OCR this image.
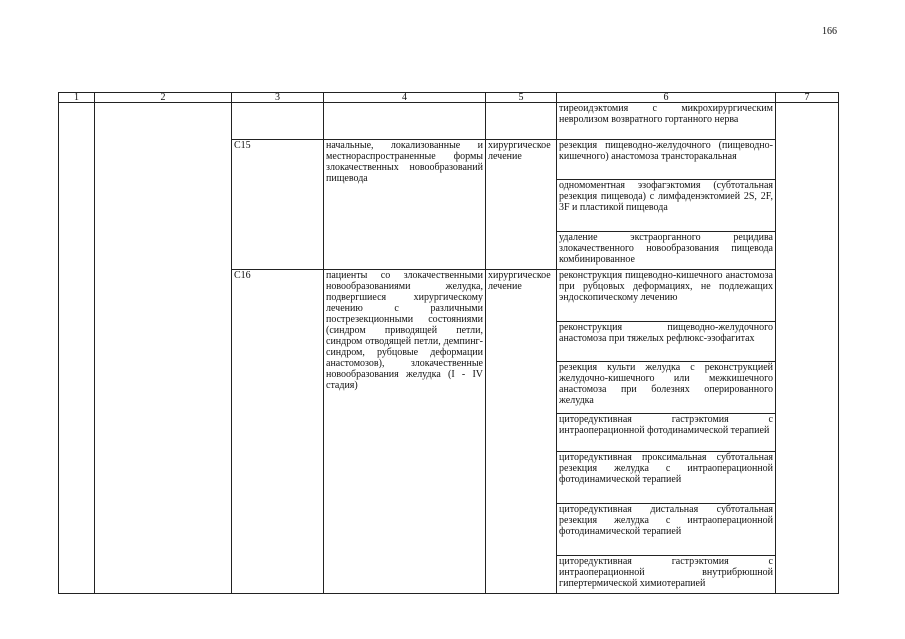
166
1	2	3	4	5	6	7
					тиреоидэктомия с микрохирургическим невролизом возвратного гортанного нерва	
		C15	начальные, локализованные и местнораспространенные формы злокачественных новообразований пищевода	хирургическое лечение	резекция пищеводно-желудочного (пищеводно-кишечного) анастомоза трансторакальная	
					одномоментная эзофагэктомия (субтотальная резекция пищевода) с лимфаденэктомией 2S, 2F, 3F и пластикой пищевода	
					удаление экстраорганного рецидива злокачественного новообразования пищевода комбинированное	
		C16	пациенты со злокачественными новообразованиями желудка, подвергшиеся хирургическому лечению с различными пострезекционными состояниями (синдром приводящей петли, синдром отводящей петли, демпинг-синдром, рубцовые деформации анастомозов), злокачественные новообразования желудка (I - IV стадия)	хирургическое лечение	реконструкция пищеводно-кишечного анастомоза при рубцовых деформациях, не подлежащих эндоскопическому лечению	
					реконструкция пищеводно-желудочного анастомоза при тяжелых рефлюкс-эзофагитах	
					резекция культи желудка с реконструкцией желудочно-кишечного или межкишечного анастомоза при болезнях оперированного желудка	
					циторедуктивная гастрэктомия с интраоперационной фотодинамической терапией	
					циторедуктивная проксимальная субтотальная резекция желудка с интраоперационной фотодинамической терапией	
					циторедуктивная дистальная субтотальная резекция желудка с интраоперационной фотодинамической терапией	
					циторедуктивная гастрэктомия с интраоперационной внутрибрюшной гипертермической химиотерапией	
